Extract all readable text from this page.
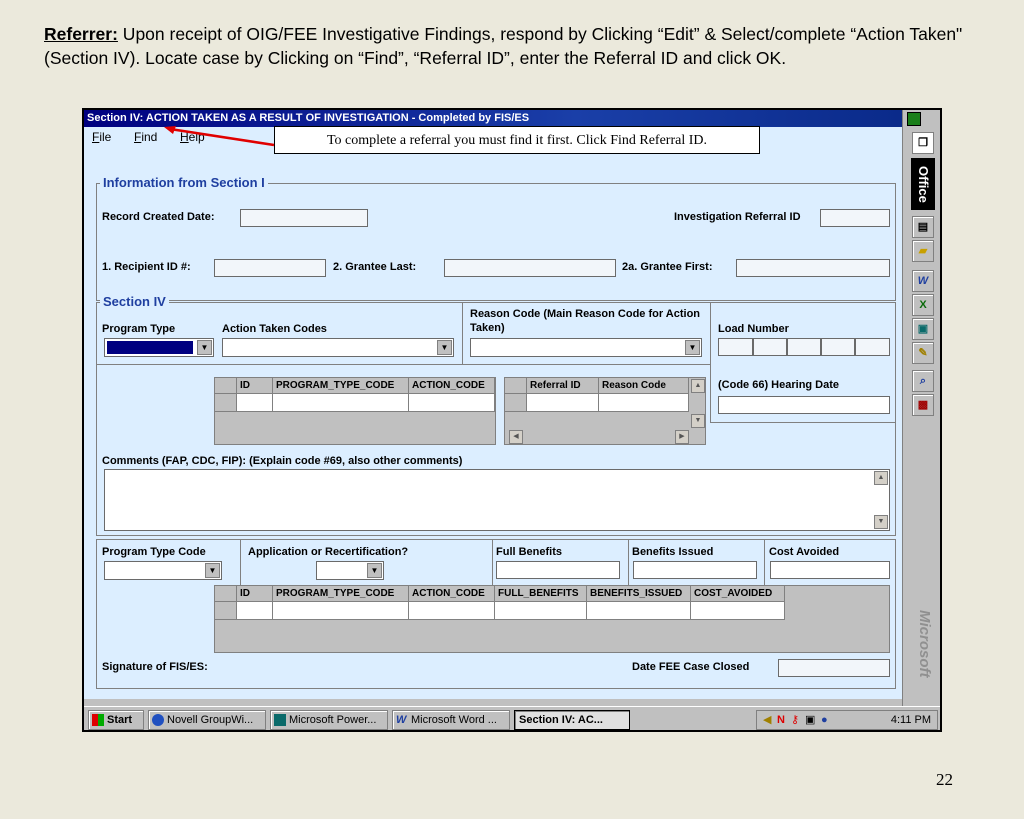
Referrer: Upon receipt of OIG/FEE Investigative Findings, respond by Clicking “Edit” & Select/complete “Action Taken" (Section IV). Locate case by Clicking on “Find”, “Referral ID”, enter the Referral ID and click OK.
Section IV: ACTION TAKEN AS A RESULT OF INVESTIGATION - Completed by FIS/ES
File Find Help
Information from Section I
Record Created Date:	Investigation Referral ID
1. Recipient ID #:	2. Grantee Last:	2a. Grantee First:
Section IV
Program Type
▼
Action Taken Codes
▼
Reason Code (Main Reason Code for Action Taken)
▼
Load Number
ID	PROGRAM_TYPE_CODE	ACTION_CODE	Referral ID	Reason Code	▲
▼
◀	▶
(Code 66) Hearing Date
Comments (FAP, CDC, FIP): (Explain code #69, also other comments)
▲
▼
Program Type Code
▼
Application or Recertification?
▼
Full Benefits	Benefits Issued	Cost Avoided
ID	PROGRAM_TYPE_CODE	ACTION_CODE	FULL_BENEFITS	BENEFITS_ISSUED	COST_AVOIDED
Signature of FIS/ES:	Date FEE Case Closed
To complete a referral you must find it first. Click Find Referral ID.	❐
Office
▤
▰
W
X
▣
✎
⌕
▩
Microsoft
Start	Novell GroupWi...	Microsoft Power...	W Microsoft Word ...	Section IV: AC...	◀ N ⚷ ▣ ●	4:11 PM
22
